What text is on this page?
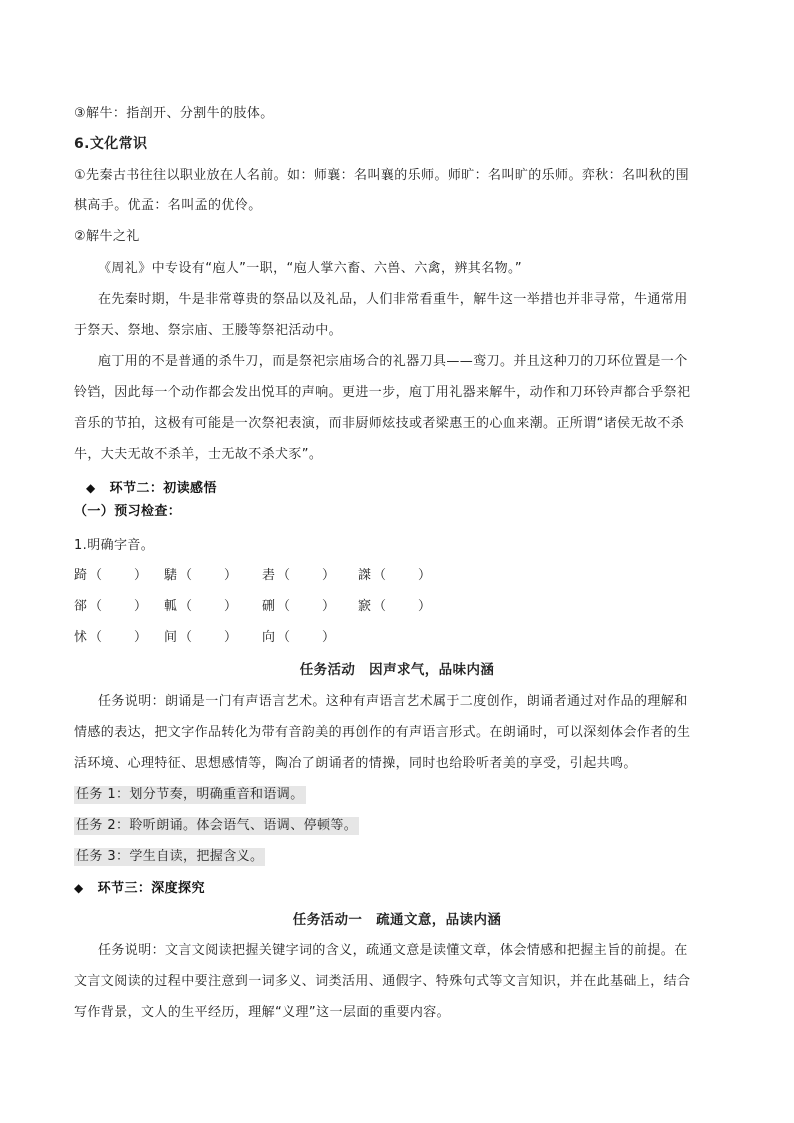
③解牛：指剖开、分割牛的肢体。
6.文化常识
①先秦古书往往以职业放在人名前。如：师襄：名叫襄的乐师。师旷：名叫旷的乐师。弈秋：名叫秋的围
棋高手。优孟：名叫孟的优伶。
②解牛之礼
《周礼》中专设有“庖人”一职，“庖人掌六畜、六兽、六禽，辨其名物。”
在先秦时期，牛是非常尊贵的祭品以及礼品，人们非常看重牛，解牛这一举措也并非寻常，牛通常用
于祭天、祭地、祭宗庙、王媵等祭祀活动中。
庖丁用的不是普通的杀牛刀，而是祭祀宗庙场合的礼器刀具——鸾刀。并且这种刀的刀环位置是一个
铃铛，因此每一个动作都会发出悦耳的声响。更进一步，庖丁用礼器来解牛，动作和刀环铃声都合乎祭祀
音乐的节拍，这极有可能是一次祭祀表演，而非厨师炫技或者梁惠王的心血来潮。正所谓“诸侯无故不杀
牛，大夫无故不杀羊，士无故不杀犬豕”。
◆ 环节二：初读感悟
（一）预习检查：
1.明确字音。
踦（　　） 騞（　　） 砉（　　） 謋（　　）
郤（　　） 軱（　　） 硎（　　） 窾（　　）
怵（　　） 间（　　） 向（　　）
任务活动　因声求气，品味内涵
任务说明：朗诵是一门有声语言艺术。这种有声语言艺术属于二度创作，朗诵者通过对作品的理解和
情感的表达，把文字作品转化为带有音韵美的再创作的有声语言形式。在朗诵时，可以深刻体会作者的生
活环境、心理特征、思想感情等，陶冶了朗诵者的情操，同时也给聆听者美的享受，引起共鸣。
任务 1：划分节奏，明确重音和语调。
任务 2：聆听朗诵。体会语气、语调、停顿等。
任务 3：学生自读，把握含义。
◆ 环节三：深度探究
任务活动一　疏通文意，品读内涵
任务说明：文言文阅读把握关键字词的含义，疏通文意是读懂文章，体会情感和把握主旨的前提。在
文言文阅读的过程中要注意到一词多义、词类活用、通假字、特殊句式等文言知识，并在此基础上，结合
写作背景，文人的生平经历，理解“义理”这一层面的重要内容。
